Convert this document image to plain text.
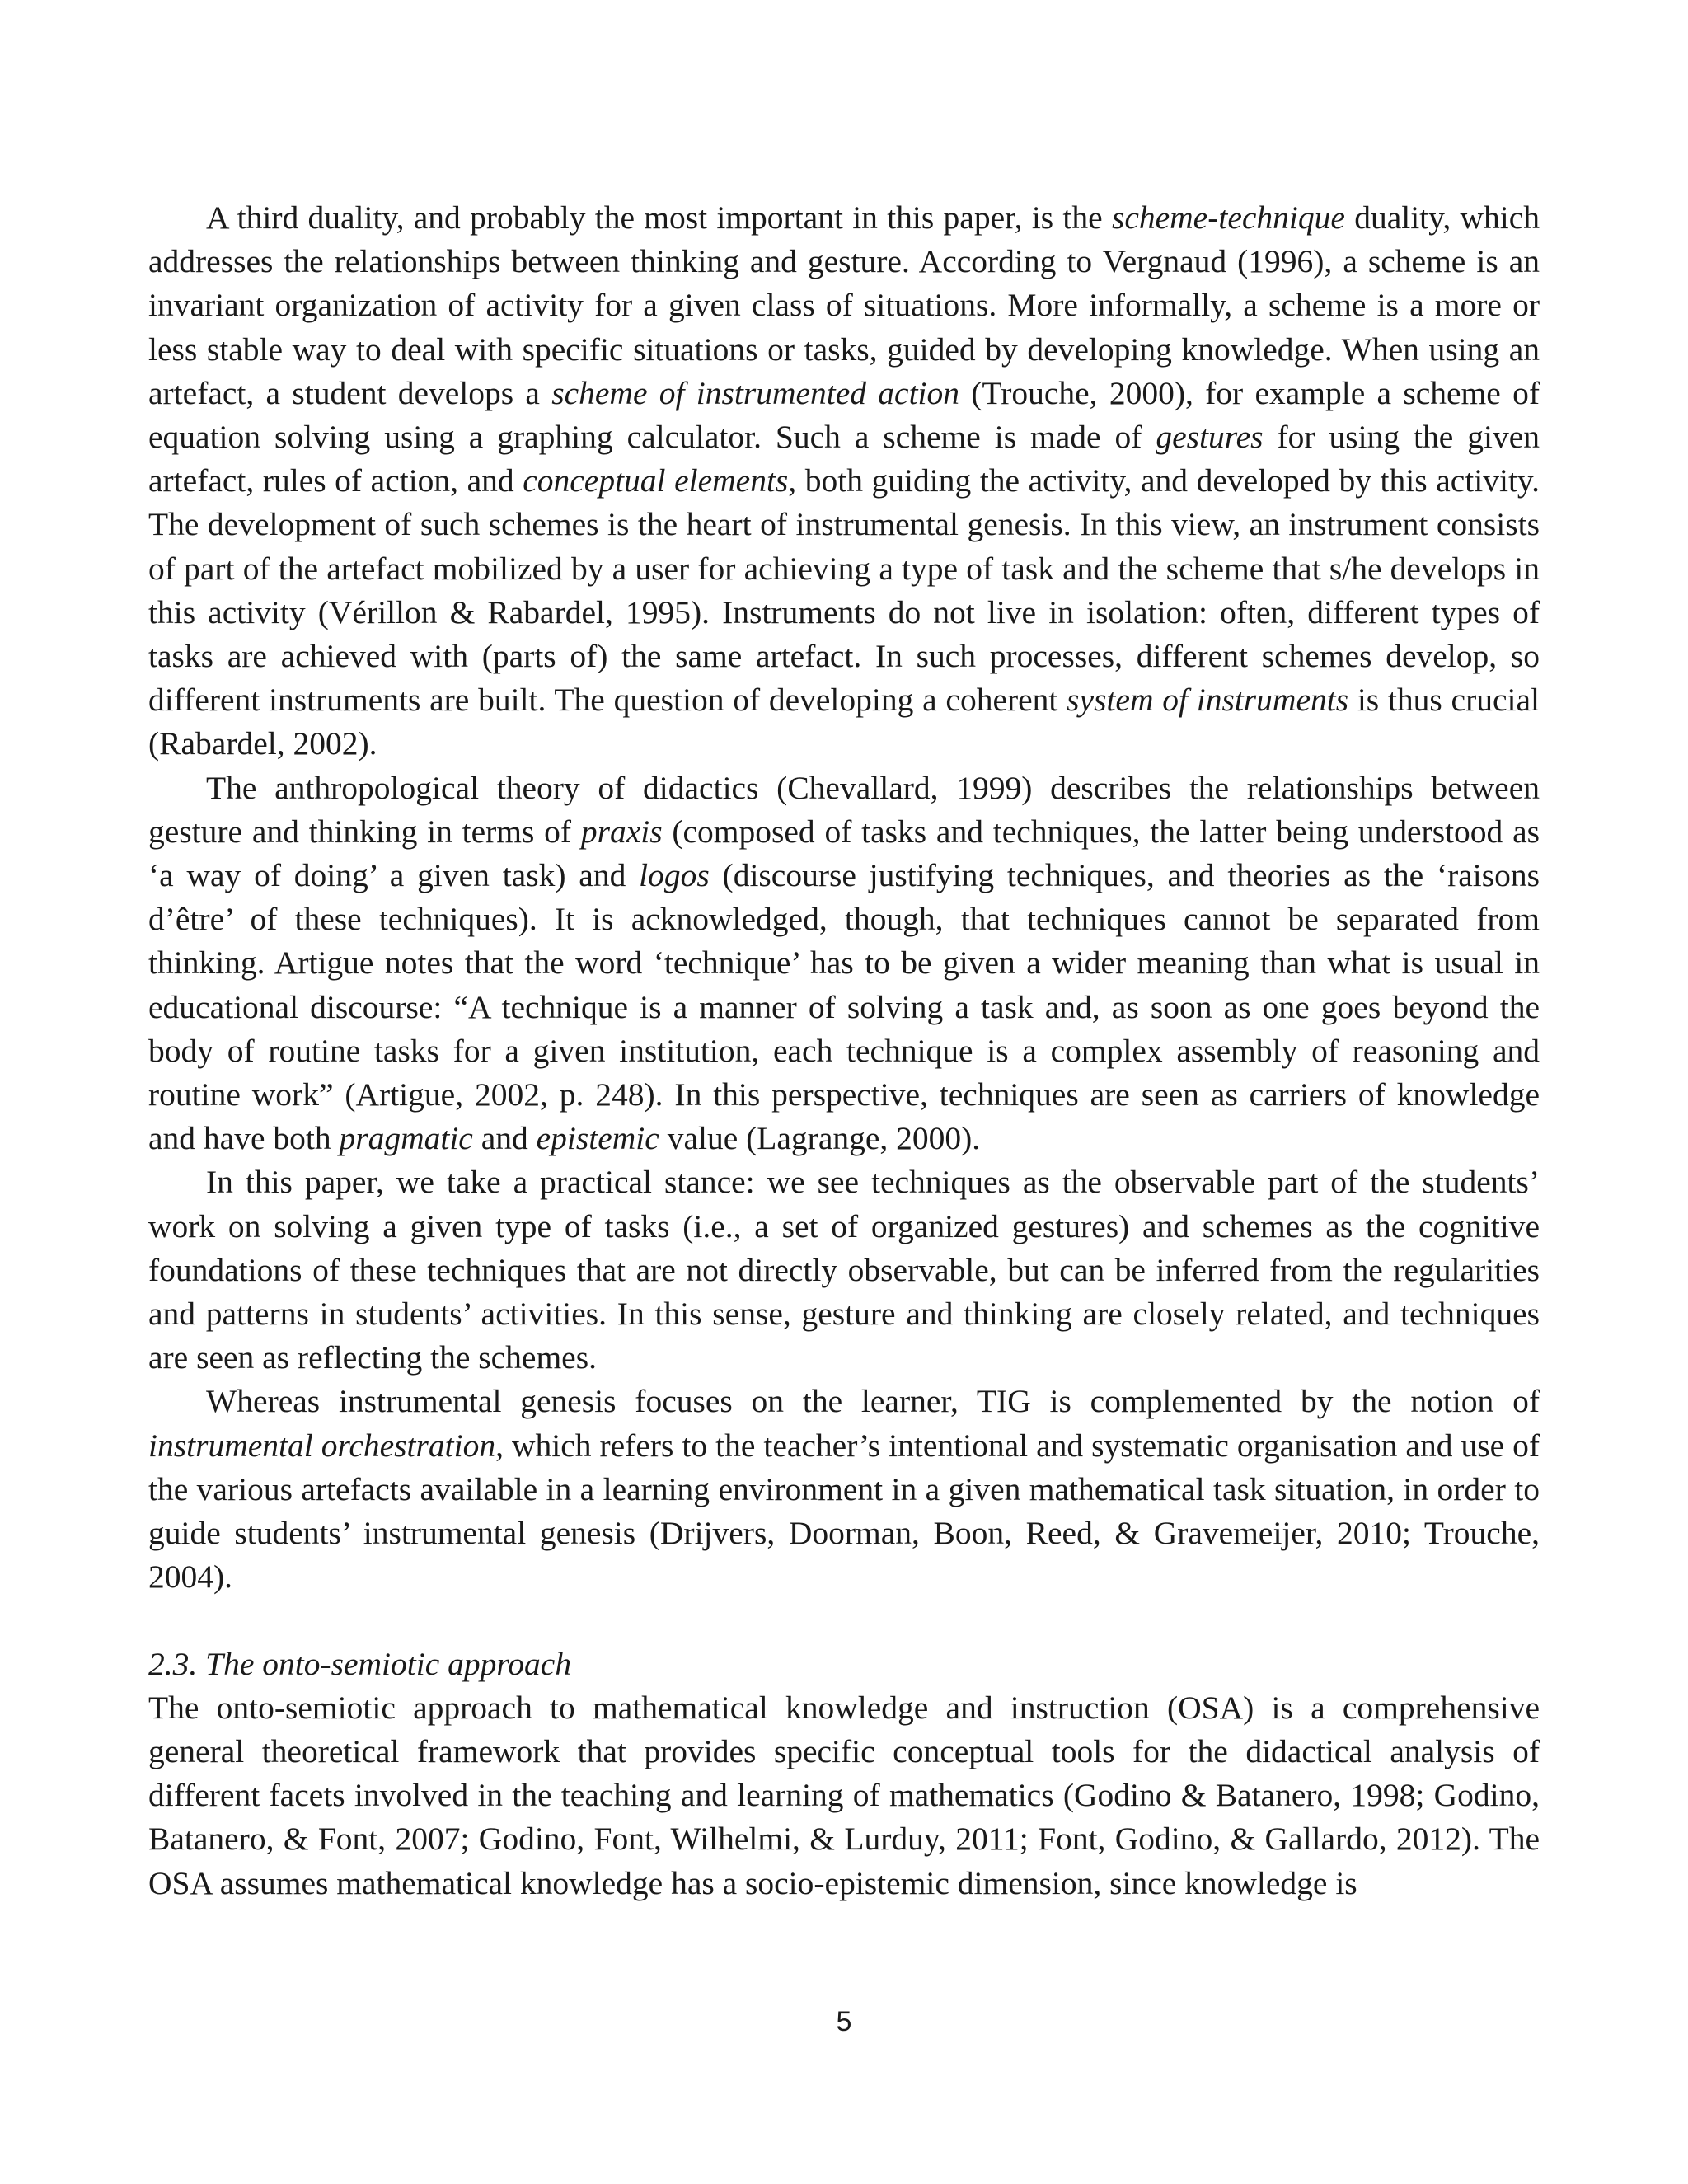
A third duality, and probably the most important in this paper, is the scheme-technique duality, which addresses the relationships between thinking and gesture. According to Vergnaud (1996), a scheme is an invariant organization of activity for a given class of situations. More informally, a scheme is a more or less stable way to deal with specific situations or tasks, guided by developing knowledge. When using an artefact, a student develops a scheme of instrumented action (Trouche, 2000), for example a scheme of equation solving using a graphing calculator. Such a scheme is made of gestures for using the given artefact, rules of action, and conceptual elements, both guiding the activity, and developed by this activity. The development of such schemes is the heart of instrumental genesis. In this view, an instrument consists of part of the artefact mobilized by a user for achieving a type of task and the scheme that s/he develops in this activity (Vérillon & Rabardel, 1995). Instruments do not live in isolation: often, different types of tasks are achieved with (parts of) the same artefact. In such processes, different schemes develop, so different instruments are built. The question of developing a coherent system of instruments is thus crucial (Rabardel, 2002).

The anthropological theory of didactics (Chevallard, 1999) describes the relationships between gesture and thinking in terms of praxis (composed of tasks and techniques, the latter being understood as ‘a way of doing’ a given task) and logos (discourse justifying techniques, and theories as the ‘raisons d’être’ of these techniques). It is acknowledged, though, that techniques cannot be separated from thinking. Artigue notes that the word ‘technique’ has to be given a wider meaning than what is usual in educational discourse: “A technique is a manner of solving a task and, as soon as one goes beyond the body of routine tasks for a given institution, each technique is a complex assembly of reasoning and routine work” (Artigue, 2002, p. 248). In this perspective, techniques are seen as carriers of knowledge and have both pragmatic and epistemic value (Lagrange, 2000).

In this paper, we take a practical stance: we see techniques as the observable part of the students’ work on solving a given type of tasks (i.e., a set of organized gestures) and schemes as the cognitive foundations of these techniques that are not directly observable, but can be inferred from the regularities and patterns in students’ activities. In this sense, gesture and thinking are closely related, and techniques are seen as reflecting the schemes.

Whereas instrumental genesis focuses on the learner, TIG is complemented by the notion of instrumental orchestration, which refers to the teacher’s intentional and systematic organisation and use of the various artefacts available in a learning environment in a given mathematical task situation, in order to guide students’ instrumental genesis (Drijvers, Doorman, Boon, Reed, & Gravemeijer, 2010; Trouche, 2004).

2.3. The onto-semiotic approach

The onto-semiotic approach to mathematical knowledge and instruction (OSA) is a comprehensive general theoretical framework that provides specific conceptual tools for the didactical analysis of different facets involved in the teaching and learning of mathematics (Godino & Batanero, 1998; Godino, Batanero, & Font, 2007; Godino, Font, Wilhelmi, & Lurduy, 2011; Font, Godino, & Gallardo, 2012). The OSA assumes mathematical knowledge has a socio-epistemic dimension, since knowledge is

5
